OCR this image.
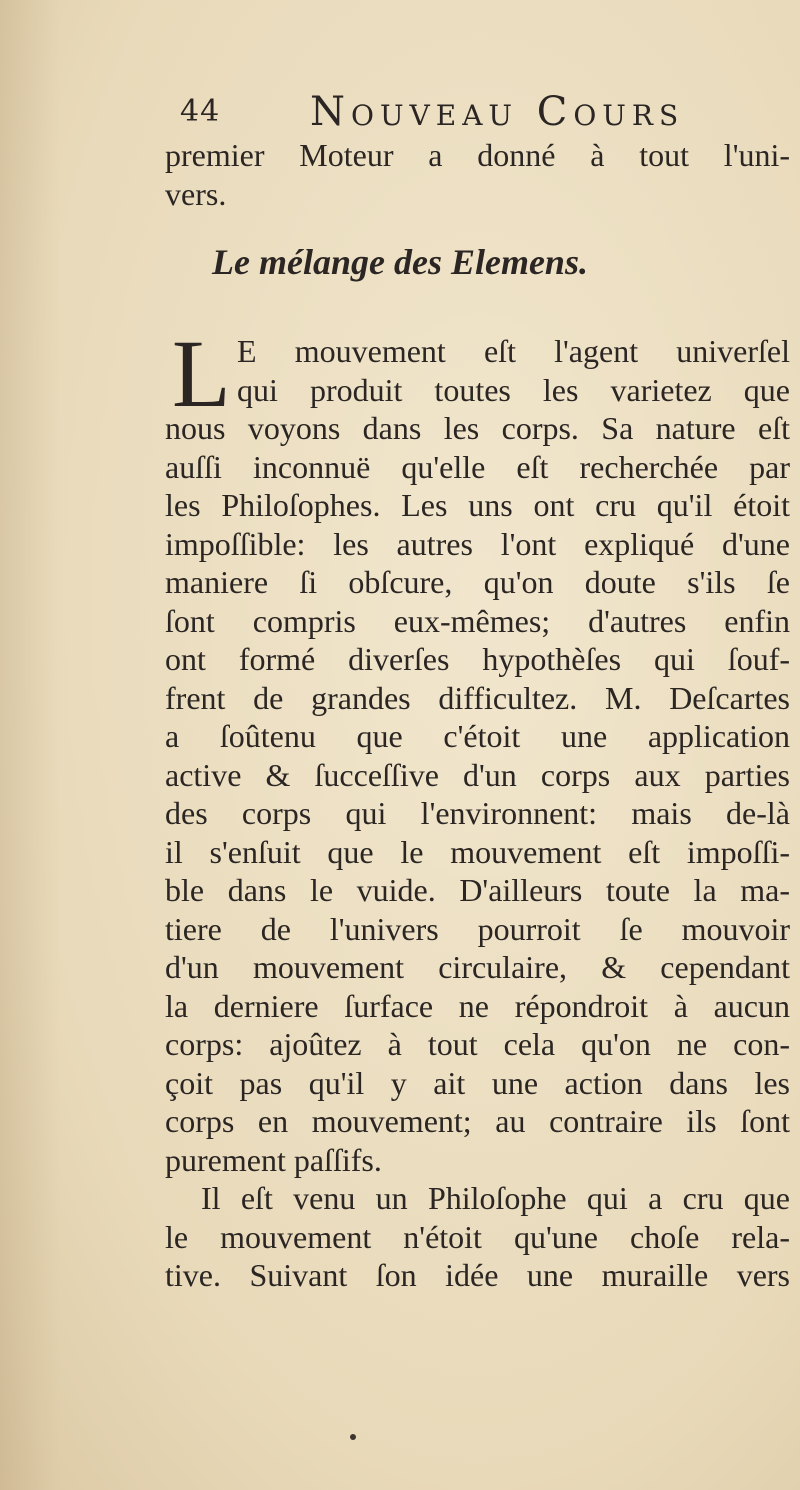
44 Nouveau Cours
premier Moteur a donné à tout l'uni-
vers.
Le mélange des Elemens.
L E mouvement eſt l'agent univerſel
qui produit toutes les varietez que
nous voyons dans les corps. Sa nature eſt
auſſi inconnuë qu'elle eſt recherchée par
les Philoſophes. Les uns ont cru qu'il étoit
impoſſible: les autres l'ont expliqué d'une
maniere ſi obſcure, qu'on doute s'ils ſe
ſont compris eux-mêmes; d'autres enfin
ont formé diverſes hypothèſes qui ſouf-
frent de grandes difficultez. M. Deſcartes
a ſoûtenu que c'étoit une application
active & ſucceſſive d'un corps aux parties
des corps qui l'environnent: mais de-là
il s'enſuit que le mouvement eſt impoſſi-
ble dans le vuide. D'ailleurs toute la ma-
tiere de l'univers pourroit ſe mouvoir
d'un mouvement circulaire, & cependant
la derniere ſurface ne répondroit à aucun
corps: ajoûtez à tout cela qu'on ne con-
çoit pas qu'il y ait une action dans les
corps en mouvement; au contraire ils ſont
purement paſſifs.
Il eſt venu un Philoſophe qui a cru que
le mouvement n'étoit qu'une choſe rela-
tive. Suivant ſon idée une muraille vers
